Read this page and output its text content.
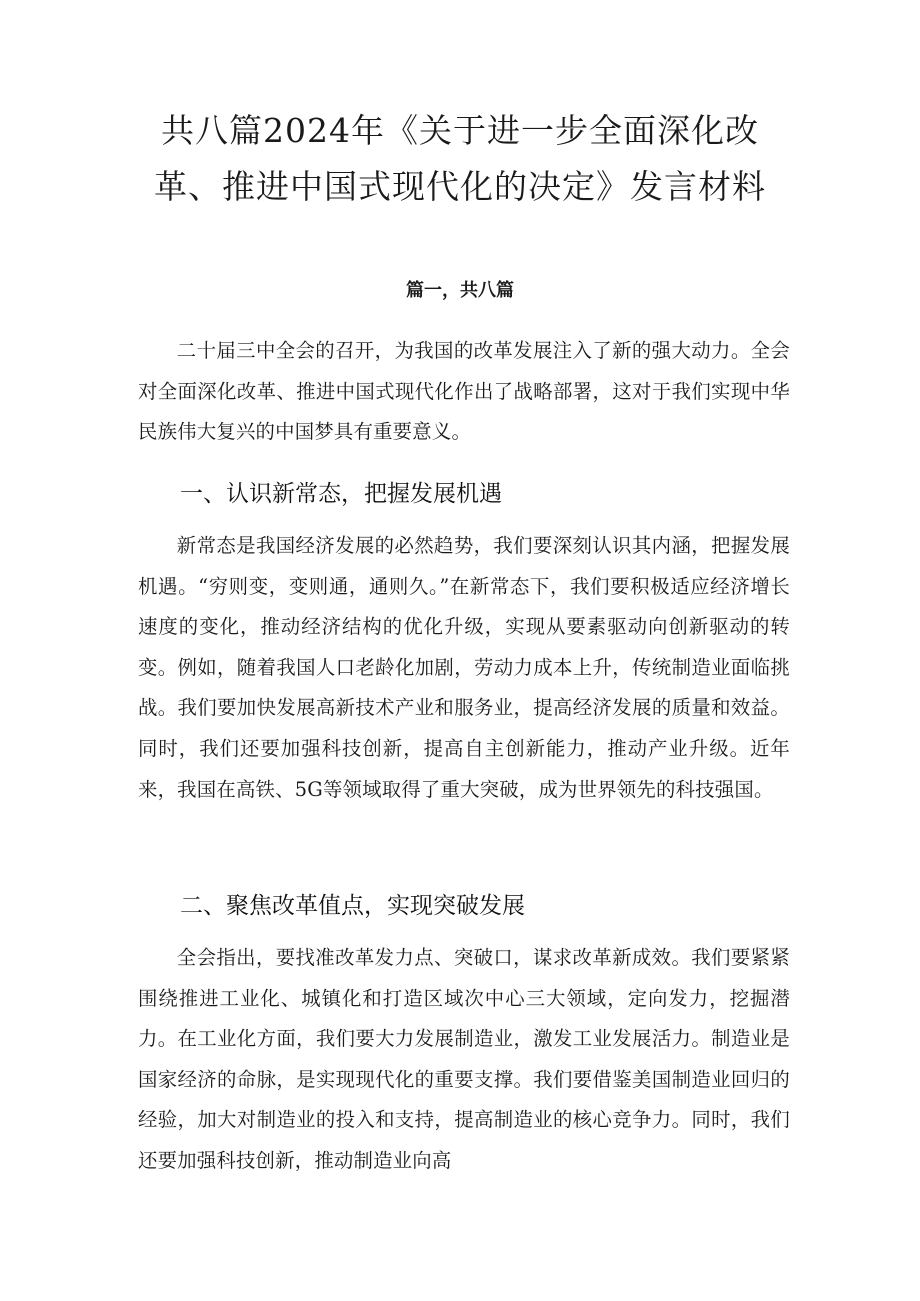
共八篇2024年《关于进一步全面深化改
革、推进中国式现代化的决定》发言材料
篇一，共八篇

二十届三中全会的召开，为我国的改革发展注入了新的强大动力。全会对全面深化改革、推进中国式现代化作出了战略部署，这对于我们实现中华民族伟大复兴的中国梦具有重要意义。

一、认识新常态，把握发展机遇

新常态是我国经济发展的必然趋势，我们要深刻认识其内涵，把握发展机遇。“穷则变，变则通，通则久。”在新常态下，我们要积极适应经济增长速度的变化，推动经济结构的优化升级，实现从要素驱动向创新驱动的转变。例如，随着我国人口老龄化加剧，劳动力成本上升，传统制造业面临挑战。我们要加快发展高新技术产业和服务业，提高经济发展的质量和效益。同时，我们还要加强科技创新，提高自主创新能力，推动产业升级。近年来，我国在高铁、5G等领域取得了重大突破，成为世界领先的科技强国。

二、聚焦改革值点，实现突破发展

全会指出，要找准改革发力点、突破口，谋求改革新成效。我们要紧紧围绕推进工业化、城镇化和打造区域次中心三大领域，定向发力，挖掘潜力。在工业化方面，我们要大力发展制造业，激发工业发展活力。制造业是国家经济的命脉，是实现现代化的重要支撑。我们要借鉴美国制造业回归的经验，加大对制造业的投入和支持，提高制造业的核心竞争力。同时，我们还要加强科技创新，推动制造业向高
